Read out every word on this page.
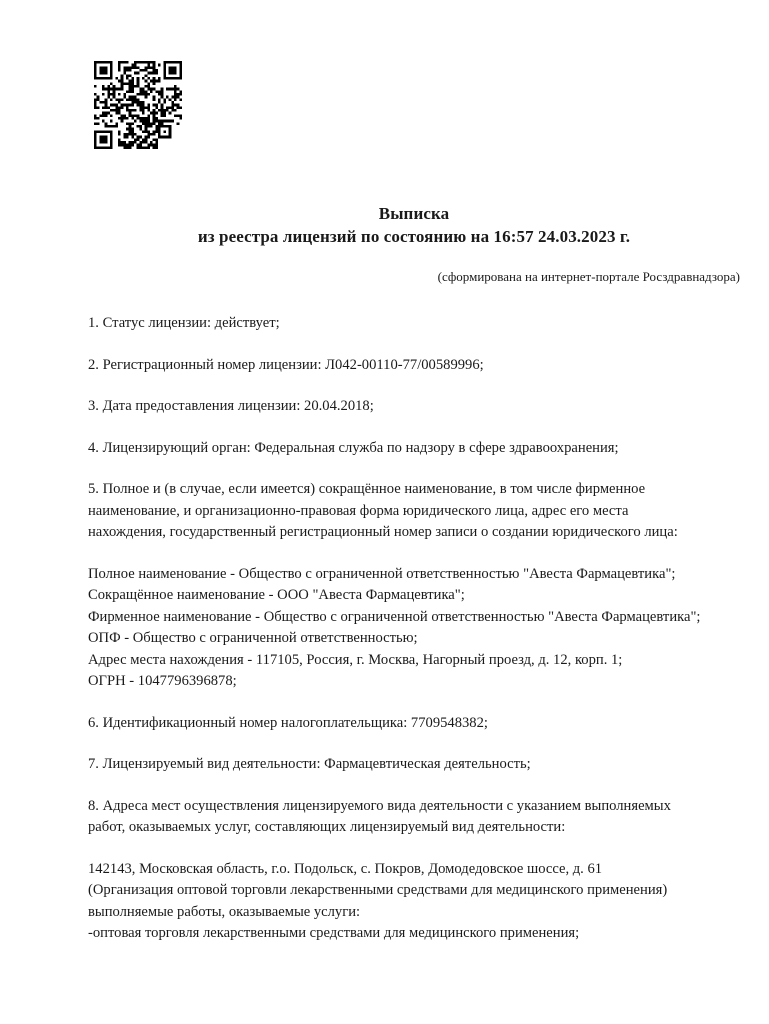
Выписка
из реестра лицензий по состоянию на 16:57 24.03.2023 г.
(сформирована на интернет-портале Росздравнадзора)

1. Статус лицензии: действует;

2. Регистрационный номер лицензии: Л042-00110-77/00589996;

3. Дата предоставления лицензии: 20.04.2018;

4. Лицензирующий орган: Федеральная служба по надзору в сфере здравоохранения;

5. Полное и (в случае, если имеется) сокращённое наименование, в том числе фирменное
наименование, и организационно-правовая форма юридического лица, адрес его места
нахождения, государственный регистрационный номер записи о создании юридического лица:

Полное наименование - Общество с ограниченной ответственностью "Авеста Фармацевтика";
Сокращённое наименование - ООО "Авеста Фармацевтика";
Фирменное наименование - Общество с ограниченной ответственностью "Авеста Фармацевтика";
ОПФ - Общество с ограниченной ответственностью;
Адрес места нахождения - 117105, Россия, г. Москва, Нагорный проезд, д. 12, корп. 1;
ОГРН - 1047796396878;

6. Идентификационный номер налогоплательщика: 7709548382;

7. Лицензируемый вид деятельности: Фармацевтическая деятельность;

8. Адреса мест осуществления лицензируемого вида деятельности с указанием выполняемых
работ, оказываемых услуг, составляющих лицензируемый вид деятельности:

142143, Московская область, г.о. Подольск, с. Покров, Домодедовское шоссе, д. 61
(Организация оптовой торговли лекарственными средствами для медицинского применения)
выполняемые работы, оказываемые услуги:
-оптовая торговля лекарственными средствами для медицинского применения;
